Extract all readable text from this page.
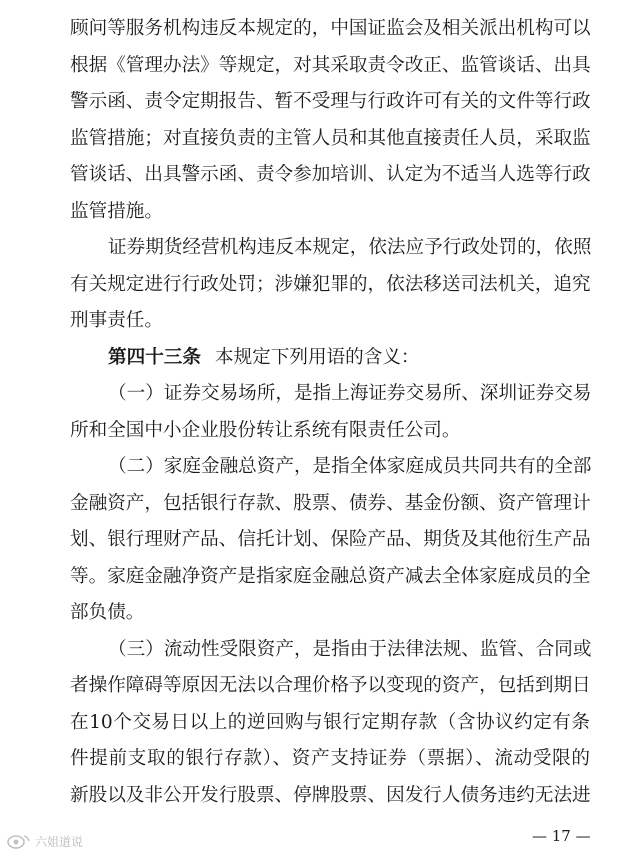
顾问等服务机构违反本规定的，中国证监会及相关派出机构可以
根据《管理办法》等规定，对其采取责令改正、监管谈话、出具
警示函、责令定期报告、暂不受理与行政许可有关的文件等行政
监管措施；对直接负责的主管人员和其他直接责任人员，采取监
管谈话、出具警示函、责令参加培训、认定为不适当人选等行政
监管措施。
证券期货经营机构违反本规定，依法应予行政处罚的，依照
有关规定进行行政处罚；涉嫌犯罪的，依法移送司法机关，追究
刑事责任。
第四十三条 本规定下列用语的含义：
（一）证券交易场所，是指上海证券交易所、深圳证券交易
所和全国中小企业股份转让系统有限责任公司。
（二）家庭金融总资产，是指全体家庭成员共同共有的全部
金融资产，包括银行存款、股票、债券、基金份额、资产管理计
划、银行理财产品、信托计划、保险产品、期货及其他衍生产品
等。家庭金融净资产是指家庭金融总资产减去全体家庭成员的全
部负债。
（三）流动性受限资产，是指由于法律法规、监管、合同或
者操作障碍等原因无法以合理价格予以变现的资产，包括到期日
在10个交易日以上的逆回购与银行定期存款（含协议约定有条
件提前支取的银行存款）、资产支持证券（票据）、流动受限的
新股以及非公开发行股票、停牌股票、因发行人债务违约无法进
六姐道说	— 17 —
